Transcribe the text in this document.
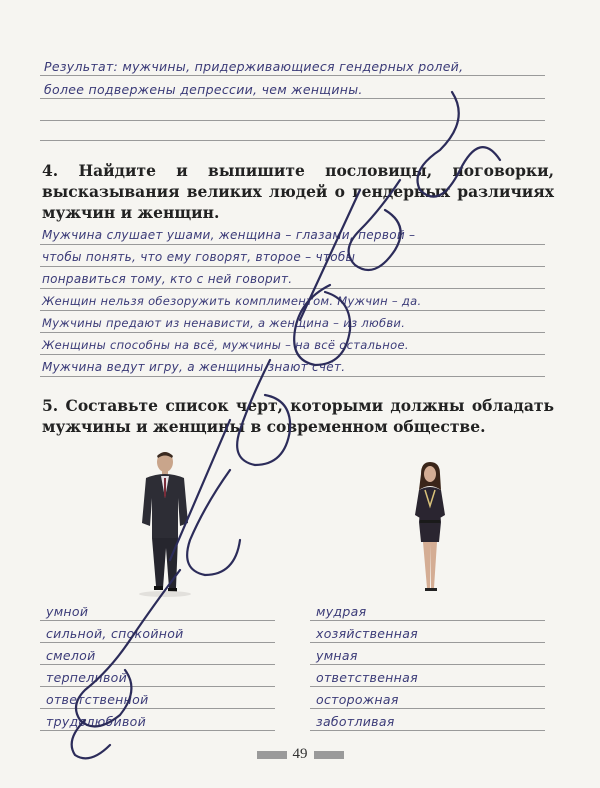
Результат: мужчины, придерживающиеся гендерных ролей,
более подвержены депрессии, чем женщины.
4. Найдите и выпишите пословицы, поговорки, высказывания великих людей о гендерных различиях мужчин и женщин.
Мужчина слушает ушами, женщина – глазами, первой –
чтобы понять, что ему говорят, второе – чтобы
понравиться тому, кто с ней говорит.
Женщин нельзя обезоружить комплиментом. Мужчин – да.
Мужчины предают из ненависти, а женщина – из любви.
Женщины способны на всё, мужчины – на всё остальное.
Мужчина ведут игру, а женщины знают счёт.
5. Составьте список черт, которыми должны обладать мужчины и женщины в современном обществе.
умной
сильной, спокойной
смелой
терпеливой
ответственной
трудолюбивой
мудрая
хозяйственная
умная
ответственная
осторожная
заботливая
49
